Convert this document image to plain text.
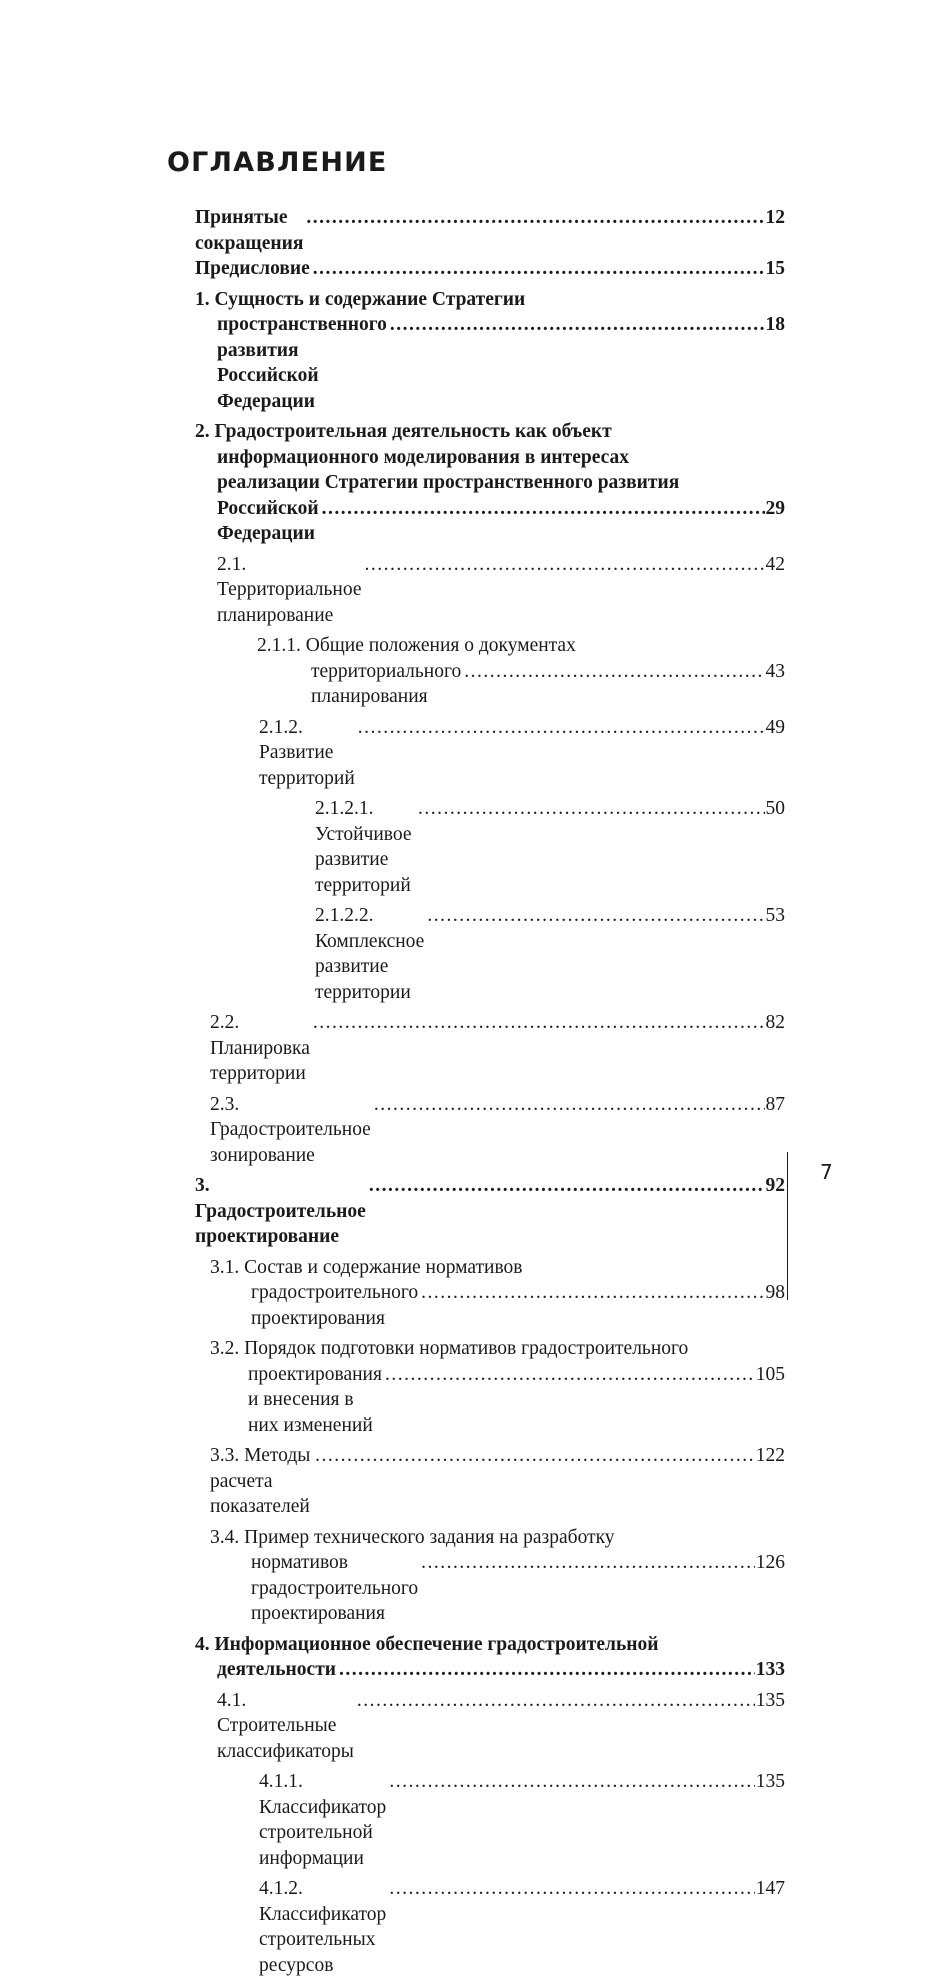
ОГЛАВЛЕНИЕ
Принятые сокращения
.....
12
Предисловие .....	15
1. Сущность и содержание Стратегии
пространственного развития Российской Федерации
.....
18
2. Градостроительная деятельность как объект
информационного моделирования в интересах
реализации Стратегии пространственного развития
Российской Федерации
.....
29
2.1. Территориальное планирование
.....
42
2.1.1. Общие положения о документах
территориального планирования
.....
43
2.1.2. Развитие территорий
.....
49
2.1.2.1. Устойчивое развитие территорий
.....
50
2.1.2.2. Комплексное развитие территории
.....
53
2.2. Планировка территории
.....
82
2.3. Градостроительное зонирование
.....
87
3. Градостроительное проектирование
.....
92
3.1. Состав и содержание нормативов
градостроительного проектирования
.....
98
3.2. Порядок подготовки нормативов градостроительного
проектирования и внесения в них изменений
.....
105
3.3. Методы расчета показателей
.....
122
3.4. Пример технического задания на разработку
нормативов градостроительного проектирования
.....
126
4. Информационное обеспечение градостроительной
деятельности .....	133
4.1. Строительные классификаторы
.....
135
4.1.1. Классификатор строительной информации
.....
135
4.1.2. Классификатор строительных ресурсов
.....
147
7
